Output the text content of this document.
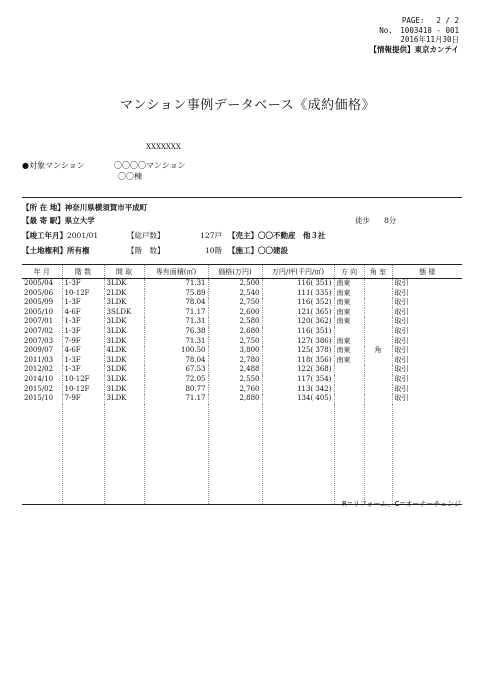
PAGE:　 2 / 2
No.　1003418 - 001
2016年11月30日
【情報提供】東京カンテイ
マンション事例データベース《成約価格》
XXXXXXX
●対象マンション	〇〇〇〇マンション
〇〇棟
【所 在 地】神奈川県横須賀市平成町
【最 寄 駅】県立大学	徒歩 8分
【竣工年月】2001/01	【総戸数】	127戸 【売主】〇〇不動産　他３社
【土地権利】所有権	【階　数】	10階 【施工】〇〇建設
年 月	階 数	間 取	専有面積(㎡)	価格(万円)	万円/坪(千円/㎡)	方 向	角 室	態 様
2005/04	1-3F	3LDK	71.31	2,500	116( 351)	南東		取引
2005/06	10-12F	2LDK	75.89	2,540	111( 335)	南東		取引
2005/09	1-3F	3LDK	78.04	2,750	116( 352)	南東		取引
2005/10	4-6F	3SLDK	71.17	2,600	121( 365)	南東		取引
2007/01	1-3F	3LDK	71.31	2,580	120( 362)	南東		取引
2007/02	1-3F	3LDK	76.38	2,680	116( 351)			取引
2007/03	7-9F	3LDK	71.31	2,750	127( 386)	南東		取引
2009/07	4-6F	4LDK	100.50	3,800	125( 378)	南東	角	取引
2011/03	1-3F	3LDK	78.04	2,780	118( 356)	南東		取引
2012/02	1-3F	3LDK	67.53	2,488	122( 368)			取引
2014/10	10-12F	3LDK	72.05	2,550	117( 354)			取引
2015/02	10-12F	3LDK	80.77	2,760	113( 342)			取引
2015/10	7-9F	3LDK	71.17	2,880	134( 405)			取引

R=リフォーム、C=オーナーチェンジ
